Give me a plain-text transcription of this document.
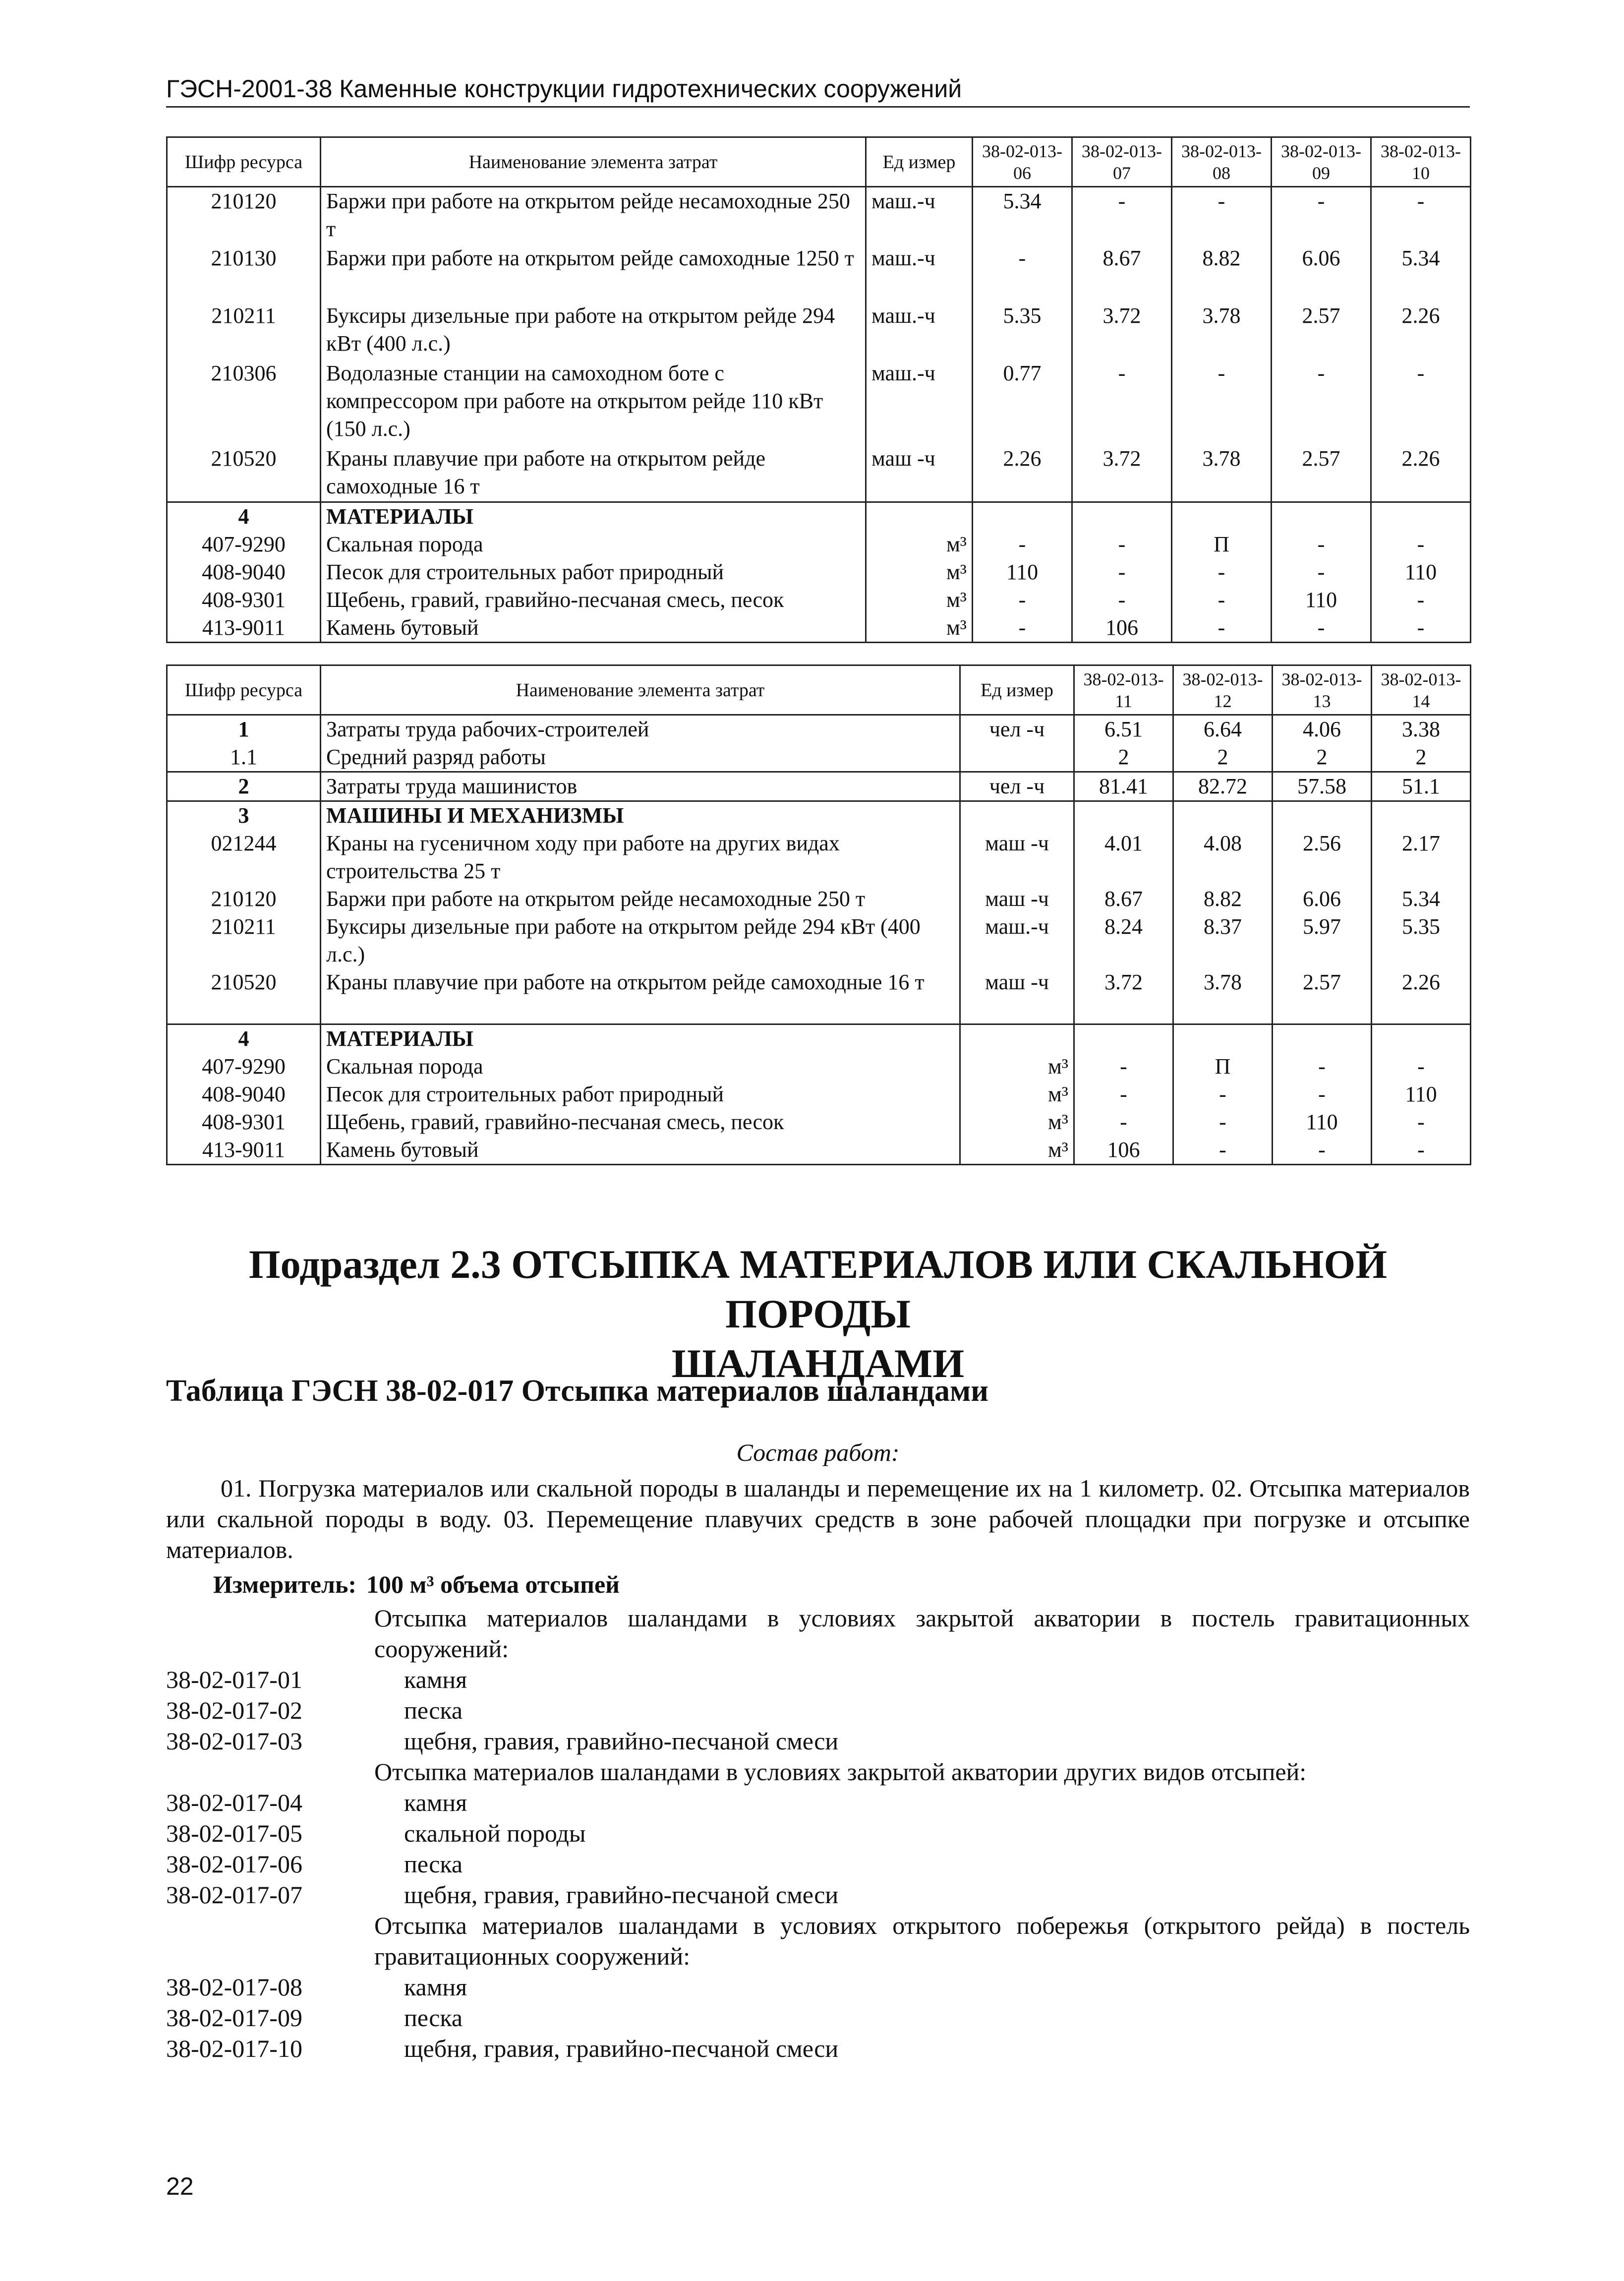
ГЭСН-2001-38 Каменные конструкции гидротехнических сооружений
Шифр ресурса	Наименование элемента затрат	Ед измер	38-02-013-06	38-02-013-07	38-02-013-08	38-02-013-09	38-02-013-10
210120	Баржи при работе на открытом рейде несамоходные 250 т	маш.-ч	5.34	-	-	-	-
210130	Баржи при работе на открытом рейде самоходные 1250 т	маш.-ч	-	8.67	8.82	6.06	5.34
210211	Буксиры дизельные при работе на открытом рейде 294 кВт (400 л.с.)	маш.-ч	5.35	3.72	3.78	2.57	2.26
210306	Водолазные станции на самоходном боте с компрессором при работе на открытом рейде 110 кВт (150 л.с.)	маш.-ч	0.77	-	-	-	-
210520	Краны плавучие при работе на открытом рейде самоходные 16 т	маш -ч	2.26	3.72	3.78	2.57	2.26
4	МАТЕРИАЛЫ						
407-9290	Скальная порода	м³	-	-	П	-	-
408-9040	Песок для строительных работ природный	м³	110	-	-	-	110
408-9301	Щебень, гравий, гравийно-песчаная смесь, песок	м³	-	-	-	110	-
413-9011	Камень бутовый	м³	-	106	-	-	-
Шифр ресурса	Наименование элемента затрат	Ед измер	38-02-013-11	38-02-013-12	38-02-013-13	38-02-013-14
1	Затраты труда рабочих-строителей	чел -ч	6.51	6.64	4.06	3.38
1.1	Средний разряд работы		2	2	2	2
2	Затраты труда машинистов	чел -ч	81.41	82.72	57.58	51.1
3	МАШИНЫ И МЕХАНИЗМЫ					
021244	Краны на гусеничном ходу при работе на других видах строительства 25 т	маш -ч	4.01	4.08	2.56	2.17
210120	Баржи при работе на открытом рейде несамоходные 250 т	маш -ч	8.67	8.82	6.06	5.34
210211	Буксиры дизельные при работе на открытом рейде 294 кВт (400 л.с.)	маш.-ч	8.24	8.37	5.97	5.35
210520	Краны плавучие при работе на открытом рейде самоходные 16 т	маш -ч	3.72	3.78	2.57	2.26
4	МАТЕРИАЛЫ					
407-9290	Скальная порода	м³	-	П	-	-
408-9040	Песок для строительных работ природный	м³	-	-	-	110
408-9301	Щебень, гравий, гравийно-песчаная смесь, песок	м³	-	-	110	-
413-9011	Камень бутовый	м³	106	-	-	-
Подраздел 2.3 ОТСЫПКА МАТЕРИАЛОВ ИЛИ СКАЛЬНОЙ ПОРОДЫ
ШАЛАНДАМИ
Таблица ГЭСН 38-02-017 Отсыпка материалов шаландами
Состав работ:
01. Погрузка материалов или скальной породы в шаланды и перемещение их на 1 километр. 02. Отсыпка материалов или скальной породы в воду. 03. Перемещение плавучих средств в зоне рабочей площадки при погрузке и отсыпке материалов.
Измеритель: 100 м³ объема отсыпей
Отсыпка материалов шаландами в условиях закрытой акватории в постель гравитационных сооружений:
38-02-017-01	камня
38-02-017-02	песка
38-02-017-03	щебня, гравия, гравийно-песчаной смеси
Отсыпка материалов шаландами в условиях закрытой акватории других видов отсыпей:
38-02-017-04	камня
38-02-017-05	скальной породы
38-02-017-06	песка
38-02-017-07	щебня, гравия, гравийно-песчаной смеси
Отсыпка материалов шаландами в условиях открытого побережья (открытого рейда) в постель гравитационных сооружений:
38-02-017-08	камня
38-02-017-09	песка
38-02-017-10	щебня, гравия, гравийно-песчаной смеси
22
